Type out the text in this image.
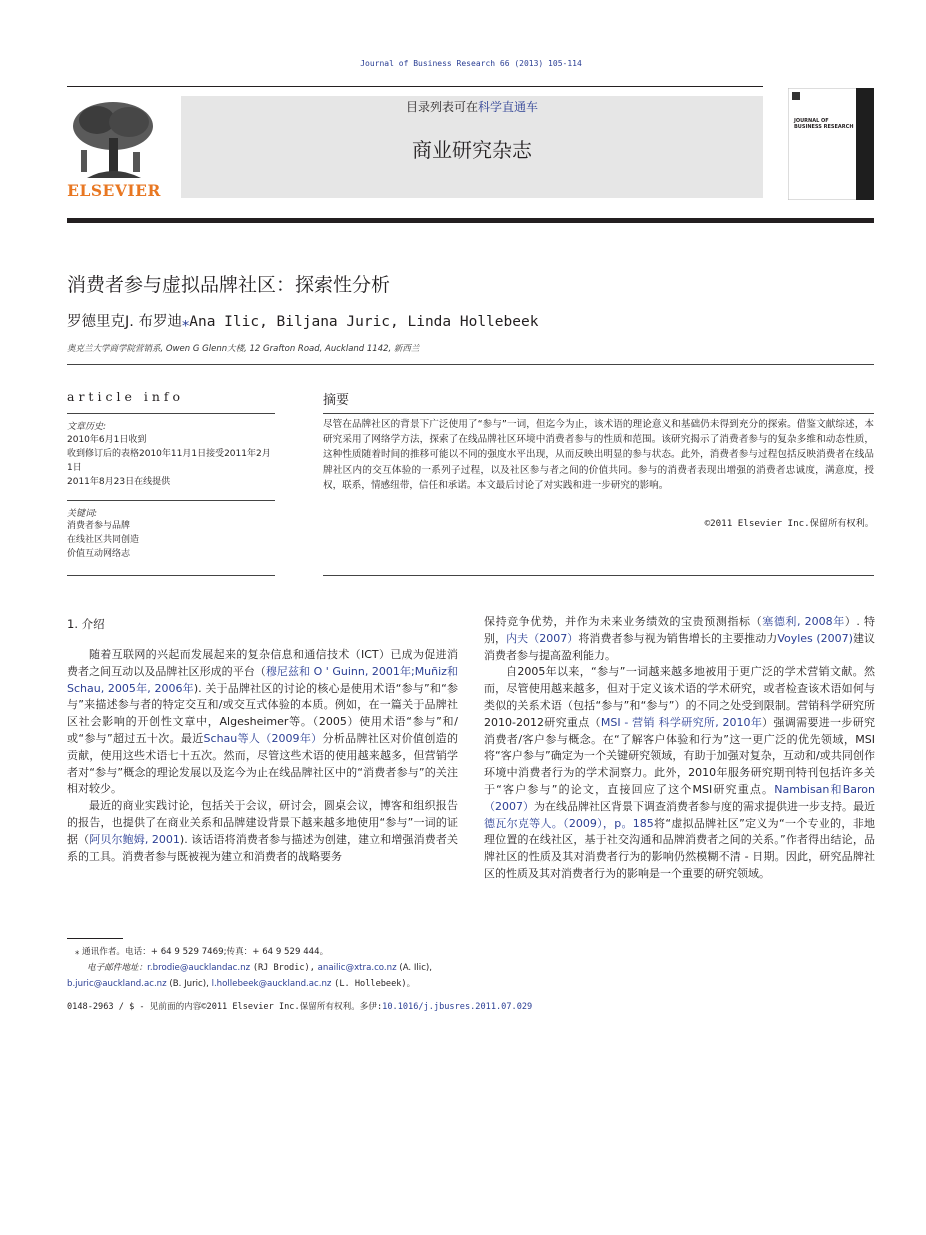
Journal of Business Research 66 (2013) 105-114
ELSEVIER
目录列表可在科学直通车
商业研究杂志
JOURNAL OF BUSINESS RESEARCH
消费者参与虚拟品牌社区：探索性分析
罗德里克J. 布罗迪⁎Ana Ilic, Biljana Juric, Linda Hollebeek
奥克兰大学商学院营销系, Owen G Glenn大楼, 12 Grafton Road, Auckland 1142, 新西兰
article info
文章历史:
2010年6月1日收到
收到修订后的表格2010年11月1日接受2011年2月1日
2011年8月23日在线提供
关键词:
消费者参与品牌
在线社区共同创造
价值互动网络志
摘要
尽管在品牌社区的背景下广泛使用了“参与”一词，但迄今为止，该术语的理论意义和基础仍未得到充分的探索。借鉴文献综述，本研究采用了网络学方法，探索了在线品牌社区环境中消费者参与的性质和范围。该研究揭示了消费者参与的复杂多维和动态性质，这种性质随着时间的推移可能以不同的强度水平出现，从而反映出明显的参与状态。此外，消费者参与过程包括反映消费者在线品牌社区内的交互体验的一系列子过程，以及社区参与者之间的价值共同。参与的消费者表现出增强的消费者忠诚度，满意度，授权，联系，情感纽带，信任和承诺。本文最后讨论了对实践和进一步研究的影响。
©2011 Elsevier Inc.保留所有权利。
1. 介绍

随着互联网的兴起而发展起来的复杂信息和通信技术（ICT）已成为促进消费者之间互动以及品牌社区形成的平台（穆尼兹和 O ' Guinn, 2001年;Muñiz和Schau, 2005年, 2006年). 关于品牌社区的讨论的核心是使用术语“参与”和“参与”来描述参与者的特定交互和/或交互式体验的本质。例如，在一篇关于品牌社区社会影响的开创性文章中，Algesheimer等。（2005）使用术语“参与”和/或“参与”超过五十次。最近Schau等人（2009年）分析品牌社区对价值创造的贡献，使用这些术语七十五次。然而，尽管这些术语的使用越来越多，但营销学者对“参与”概念的理论发展以及迄今为止在线品牌社区中的“消费者参与”的关注相对较少。

最近的商业实践讨论，包括关于会议，研讨会，圆桌会议，博客和组织报告的报告，也提供了在商业关系和品牌建设背景下越来越多地使用“参与”一词的证据（阿贝尔鲍姆, 2001). 该话语将消费者参与描述为创建，建立和增强消费者关系的工具。消费者参与既被视为建立和消费者的战略要务

保持竞争优势，并作为未来业务绩效的宝贵预测指标（塞德利, 2008年）. 特别，内夫（2007）将消费者参与视为销售增长的主要推动力Voyles (2007)建议消费者参与提高盈利能力。

自2005年以来，“参与”一词越来越多地被用于更广泛的学术营销文献。然而，尽管使用越来越多，但对于定义该术语的学术研究，或者检查该术语如何与类似的关系术语（包括“参与”和“参与”）的不同之处受到限制。营销科学研究所2010-2012研究重点（MSI - 营销 科学研究所, 2010年）强调需要进一步研究消费者/客户参与概念。在“了解客户体验和行为”这一更广泛的优先领域，MSI将“客户参与”确定为一个关键研究领域，有助于加强对复杂，互动和/或共同创作环境中消费者行为的学术洞察力。此外，2010年服务研究期刊特刊包括许多关于“客户参与”的论文，直接回应了这个MSI研究重点。Nambisan和Baron（2007）为在线品牌社区背景下调查消费者参与度的需求提供进一步支持。最近德瓦尔克等人。（2009），p。185将“虚拟品牌社区”定义为“一个专业的，非地理位置的在线社区，基于社交沟通和品牌消费者之间的关系。”作者得出结论，品牌社区的性质及其对消费者行为的影响仍然模糊不清 - 日期。因此，研究品牌社区的性质及其对消费者行为的影响是一个重要的研究领域。

⁎ 通讯作者。电话：+ 64 9 529 7469;传真：+ 64 9 529 444。
电子邮件地址：r.brodie@aucklandac.nz (RJ Brodic), anailic@xtra.co.nz (A. Ilic),
b.juric@auckland.ac.nz (B. Juric), l.hollebeek@auckland.ac.nz (L. Hollebeek)。
0148-2963 / $ - 见前面的内容©2011 Elsevier Inc.保留所有权利。多伊:10.1016/j.jbusres.2011.07.029
